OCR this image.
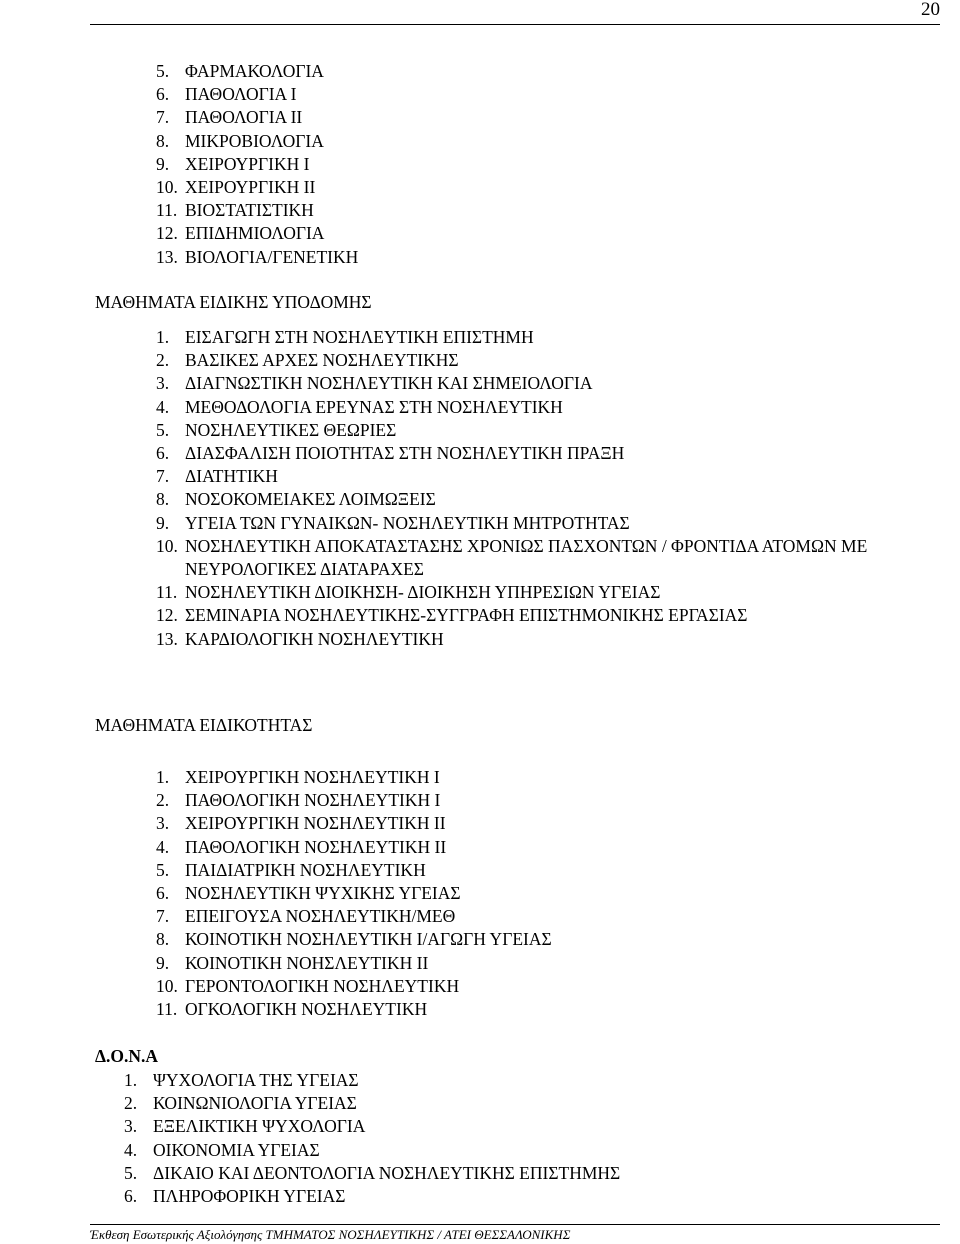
20
5. ΦΑΡΜΑΚΟΛΟΓΙΑ
6. ΠΑΘΟΛΟΓΙΑ Ι
7. ΠΑΘΟΛΟΓΙΑ ΙΙ
8. ΜΙΚΡΟΒΙΟΛΟΓΙΑ
9. ΧΕΙΡΟΥΡΓΙΚΗ Ι
10. ΧΕΙΡΟΥΡΓΙΚΗ ΙΙ
11. ΒΙΟΣΤΑΤΙΣΤΙΚΗ
12. ΕΠΙΔΗΜΙΟΛΟΓΙΑ
13. ΒΙΟΛΟΓΙΑ/ΓΕΝΕΤΙΚΗ
ΜΑΘΗΜΑΤΑ ΕΙΔΙΚΗΣ ΥΠΟΔΟΜΗΣ
1. ΕΙΣΑΓΩΓΗ ΣΤΗ ΝΟΣΗΛΕΥΤΙΚΗ ΕΠΙΣΤΗΜΗ
2. ΒΑΣΙΚΕΣ ΑΡΧΕΣ ΝΟΣΗΛΕΥΤΙΚΗΣ
3. ΔΙΑΓΝΩΣΤΙΚΗ ΝΟΣΗΛΕΥΤΙΚΗ ΚΑΙ ΣΗΜΕΙΟΛΟΓΙΑ
4. ΜΕΘΟΔΟΛΟΓΙΑ ΕΡΕΥΝΑΣ ΣΤΗ ΝΟΣΗΛΕΥΤΙΚΗ
5. ΝΟΣΗΛΕΥΤΙΚΕΣ ΘΕΩΡΙΕΣ
6. ΔΙΑΣΦΑΛΙΣΗ ΠΟΙΟΤΗΤΑΣ ΣΤΗ ΝΟΣΗΛΕΥΤΙΚΗ ΠΡΑΞΗ
7. ΔΙΑΤΗΤΙΚΗ
8. ΝΟΣΟΚΟΜΕΙΑΚΕΣ ΛΟΙΜΩΞΕΙΣ
9. ΥΓΕΙΑ ΤΩΝ ΓΥΝΑΙΚΩΝ- ΝΟΣΗΛΕΥΤΙΚΗ ΜΗΤΡΟΤΗΤΑΣ
10. ΝΟΣΗΛΕΥΤΙΚΗ ΑΠΟΚΑΤΑΣΤΑΣΗΣ ΧΡΟΝΙΩΣ ΠΑΣΧΟΝΤΩΝ / ΦΡΟΝΤΙΔΑ ΑΤΟΜΩΝ ΜΕ ΝΕΥΡΟΛΟΓΙΚΕΣ ΔΙΑΤΑΡΑΧΕΣ
11. ΝΟΣΗΛΕΥΤΙΚΗ ΔΙΟΙΚΗΣΗ- ΔΙΟΙΚΗΣΗ ΥΠΗΡΕΣΙΩΝ ΥΓΕΙΑΣ
12. ΣΕΜΙΝΑΡΙΑ ΝΟΣΗΛΕΥΤΙΚΗΣ-ΣΥΓΓΡΑΦΗ ΕΠΙΣΤΗΜΟΝΙΚΗΣ ΕΡΓΑΣΙΑΣ
13. ΚΑΡΔΙΟΛΟΓΙΚΗ ΝΟΣΗΛΕΥΤΙΚΗ
ΜΑΘΗΜΑΤΑ ΕΙΔΙΚΟΤΗΤΑΣ
1. ΧΕΙΡΟΥΡΓΙΚΗ ΝΟΣΗΛΕΥΤΙΚΗ Ι
2. ΠΑΘΟΛΟΓΙΚΗ ΝΟΣΗΛΕΥΤΙΚΗ Ι
3. ΧΕΙΡΟΥΡΓΙΚΗ ΝΟΣΗΛΕΥΤΙΚΗ ΙΙ
4. ΠΑΘΟΛΟΓΙΚΗ ΝΟΣΗΛΕΥΤΙΚΗ ΙΙ
5. ΠΑΙΔΙΑΤΡΙΚΗ ΝΟΣΗΛΕΥΤΙΚΗ
6. ΝΟΣΗΛΕΥΤΙΚΗ ΨΥΧΙΚΗΣ ΥΓΕΙΑΣ
7. ΕΠΕΙΓΟΥΣΑ ΝΟΣΗΛΕΥΤΙΚΗ/ΜΕΘ
8. ΚΟΙΝΟΤΙΚΗ ΝΟΣΗΛΕΥΤΙΚΗ Ι/ΑΓΩΓΗ ΥΓΕΙΑΣ
9. ΚΟΙΝΟΤΙΚΗ ΝΟΗΣΛΕΥΤΙΚΗ ΙΙ
10. ΓΕΡΟΝΤΟΛΟΓΙΚΗ ΝΟΣΗΛΕΥΤΙΚΗ
11. ΟΓΚΟΛΟΓΙΚΗ ΝΟΣΗΛΕΥΤΙΚΗ
Δ.Ο.Ν.Α
1. ΨΥΧΟΛΟΓΙΑ ΤΗΣ ΥΓΕΙΑΣ
2. ΚΟΙΝΩΝΙΟΛΟΓΙΑ ΥΓΕΙΑΣ
3. ΕΞΕΛΙΚΤΙΚΗ ΨΥΧΟΛΟΓΙΑ
4. ΟΙΚΟΝΟΜΙΑ ΥΓΕΙΑΣ
5. ΔΙΚΑΙΟ ΚΑΙ ΔΕΟΝΤΟΛΟΓΙΑ ΝΟΣΗΛΕΥΤΙΚΗΣ ΕΠΙΣΤΗΜΗΣ
6. ΠΛΗΡΟΦΟΡΙΚΗ ΥΓΕΙΑΣ
Έκθεση Εσωτερικής Αξιολόγησης ΤΜΗΜΑΤΟΣ ΝΟΣΗΛΕΥΤΙΚΗΣ / ΑΤΕΙ ΘΕΣΣΑΛΟΝΙΚΗΣ
